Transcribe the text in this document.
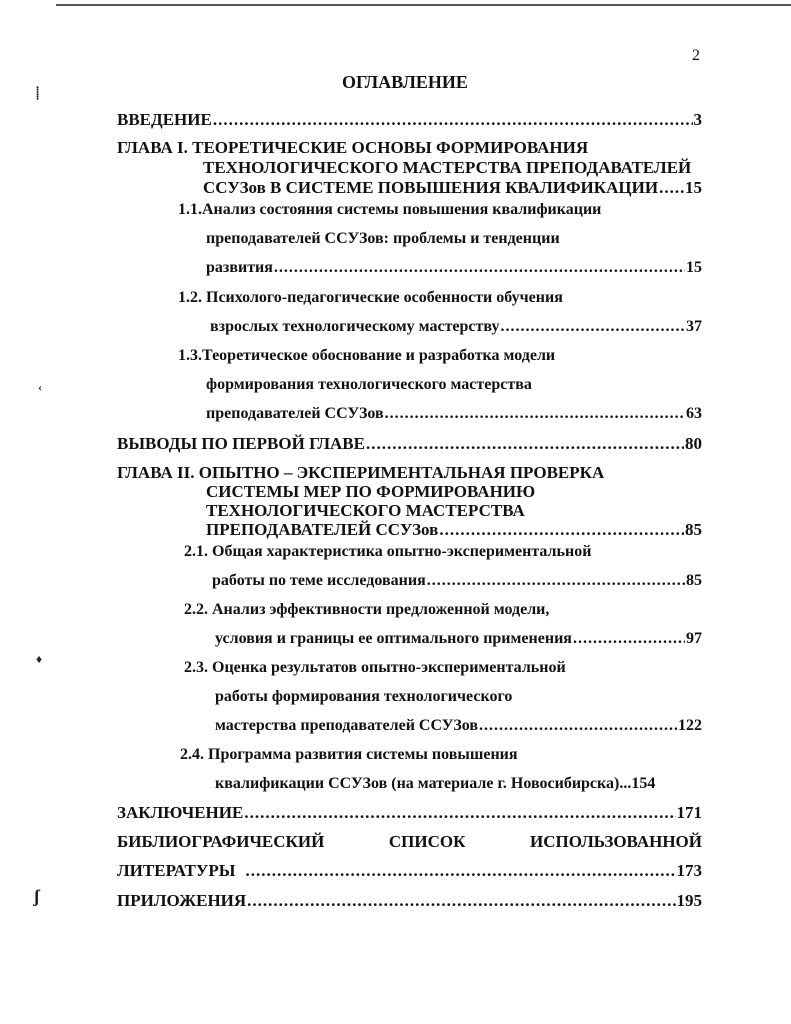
⸽
‹
♦
ʃ
2
ОГЛАВЛЕНИЕ
ВВЕДЕНИЕ .....	3
ГЛАВА I. ТЕОРЕТИЧЕСКИЕ ОСНОВЫ ФОРМИРОВАНИЯ
ТЕХНОЛОГИЧЕСКОГО МАСТЕРСТВА ПРЕПОДАВАТЕЛЕЙ
ССУЗов В СИСТЕМЕ ПОВЫШЕНИЯ КВАЛИФИКАЦИИ ..... 15
1.1.Анализ состояния системы повышения квалификации
преподавателей ССУЗов: проблемы и тенденции
развития .....	15
1.2. Психолого-педагогические особенности обучения
взрослых технологическому мастерству .....	37
1.3.Теоретическое обоснование и разработка модели
формирования технологического мастерства
преподавателей ССУЗов .....	63
ВЫВОДЫ ПО ПЕРВОЙ ГЛАВЕ .....	80
ГЛАВА II. ОПЫТНО – ЭКСПЕРИМЕНТАЛЬНАЯ ПРОВЕРКА
СИСТЕМЫ МЕР ПО ФОРМИРОВАНИЮ
ТЕХНОЛОГИЧЕСКОГО МАСТЕРСТВА
ПРЕПОДАВАТЕЛЕЙ ССУЗов .....	85
2.1. Общая характеристика опытно-экспериментальной
работы по теме исследования .....	85
2.2. Анализ эффективности предложенной модели,
условия и границы ее оптимального применения .....	97
2.3. Оценка результатов опытно-экспериментальной
работы формирования технологического
мастерства преподавателей ССУЗов .....	122
2.4. Программа развития системы повышения
квалификации ССУЗов (на материале г. Новосибирска)... 154
ЗАКЛЮЧЕНИЕ .....	171
БИБЛИОГРАФИЧЕСКИЙ	СПИСОК	ИСПОЛЬЗОВАННОЙ
ЛИТЕРАТУРЫ .....	173
ПРИЛОЖЕНИЯ .....	195
